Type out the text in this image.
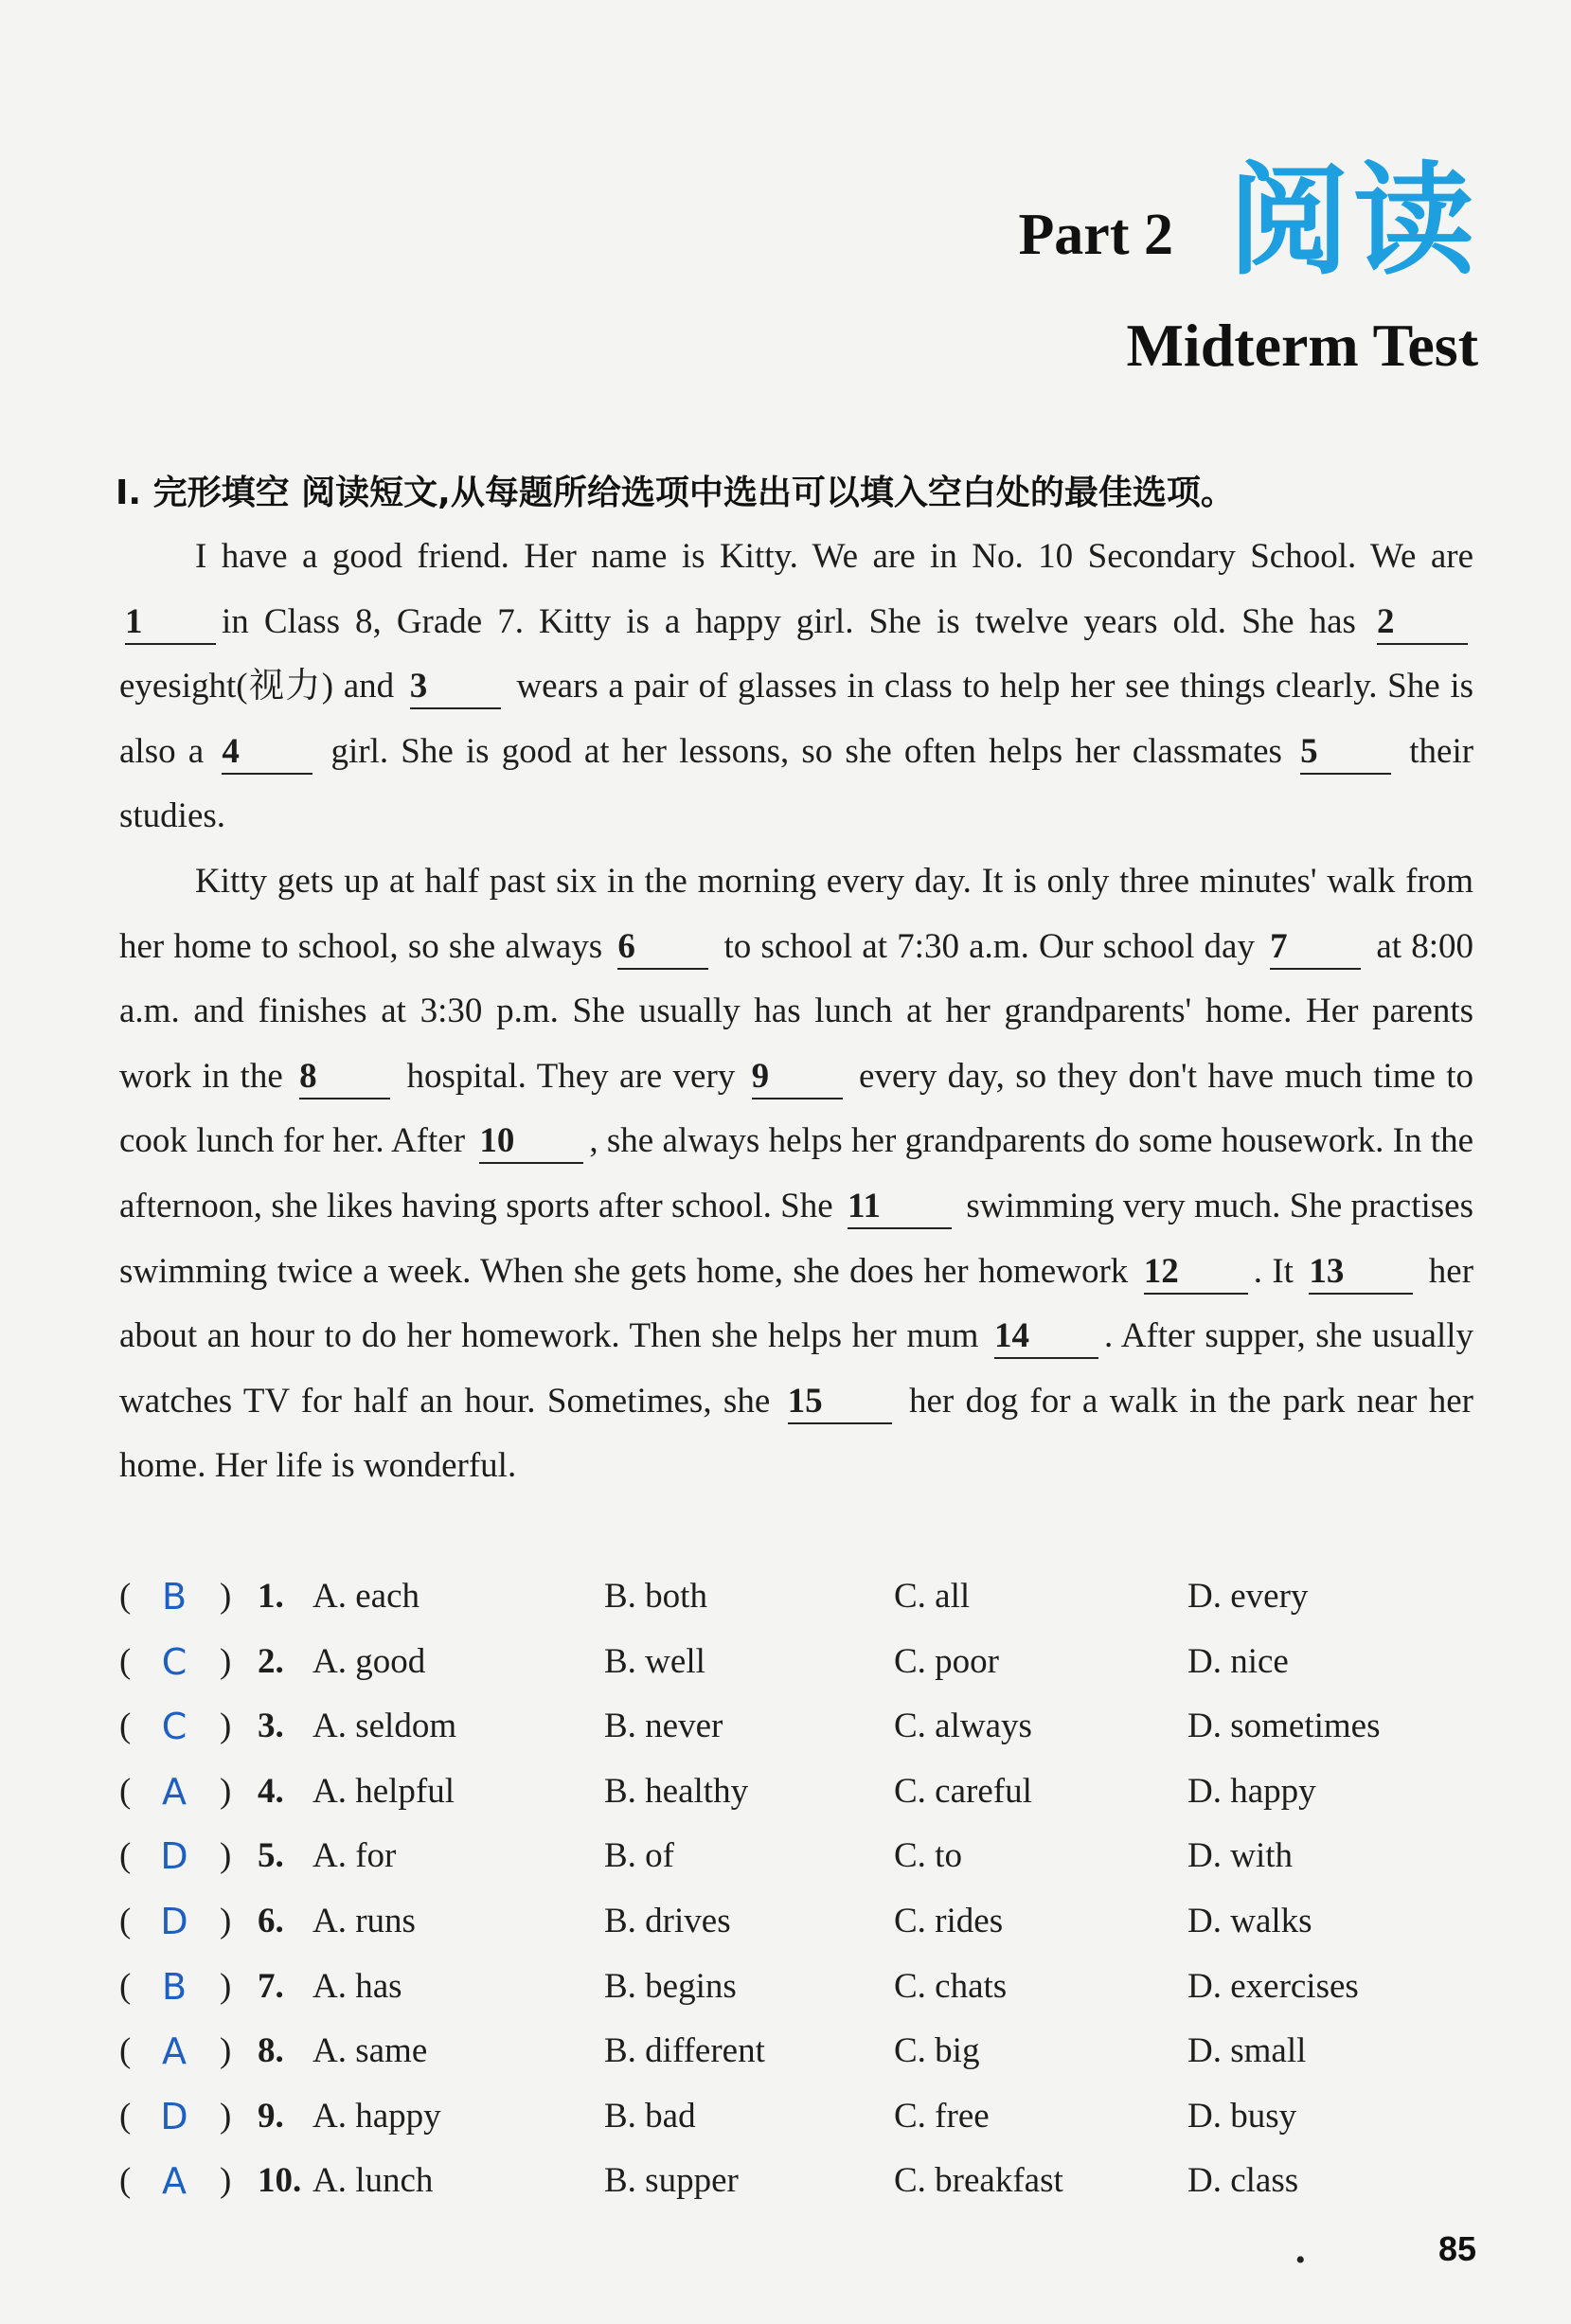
Part 2 阅读
Midterm Test
Ⅰ. 完形填空 阅读短文,从每题所给选项中选出可以填入空白处的最佳选项。

I have a good friend. Her name is Kitty. We are in No. 10 Secondary School. We are1 in Class 8, Grade 7. Kitty is a happy girl. She is twelve years old. She has 2 eyesight(视力) and 3	wears a pair of glasses in class to help her see things clearly. She is also a 4	girl. She is good at her lessons, so she often helps her classmates 5	their studies.

Kitty gets up at half past six in the morning every day. It is only three minutes' walk from her home to school, so she always 6	to school at 7:30 a.m. Our school day 7	at 8:00 a.m. and finishes at 3:30 p.m. She usually has lunch at her grandparents' home. Her parents work in the 8	hospital. They are very 9	every day, so they don't have much time to cook lunch for her. After 10 , she always helps her grandparents do some housework. In the afternoon, she likes having sports after school. She 11 swimming very much. She practises swimming twice a week. When she gets home, she does her homework 12 . It 13 her about an hour to do her homework. Then she helps her mum 14 . After supper, she usually watches TV for half an hour. Sometimes, she 15 her dog for a walk in the park near her home. Her life is wonderful.

( B ) 1. A. each	B. both	C. all	D. every
( C ) 2. A. good	B. well	C. poor	D. nice
( C ) 3. A. seldom	B. never	C. always	D. sometimes
( A ) 4. A. helpful	B. healthy	C. careful	D. happy
( D ) 5. A. for	B. of	C. to	D. with
( D ) 6. A. runs	B. drives	C. rides	D. walks
( B ) 7. A. has	B. begins	C. chats	D. exercises
( A ) 8. A. same	B. different	C. big	D. small
( D ) 9. A. happy	B. bad	C. free	D. busy
( A ) 10. A. lunch	B. supper	C. breakfast	D. class
•	85
